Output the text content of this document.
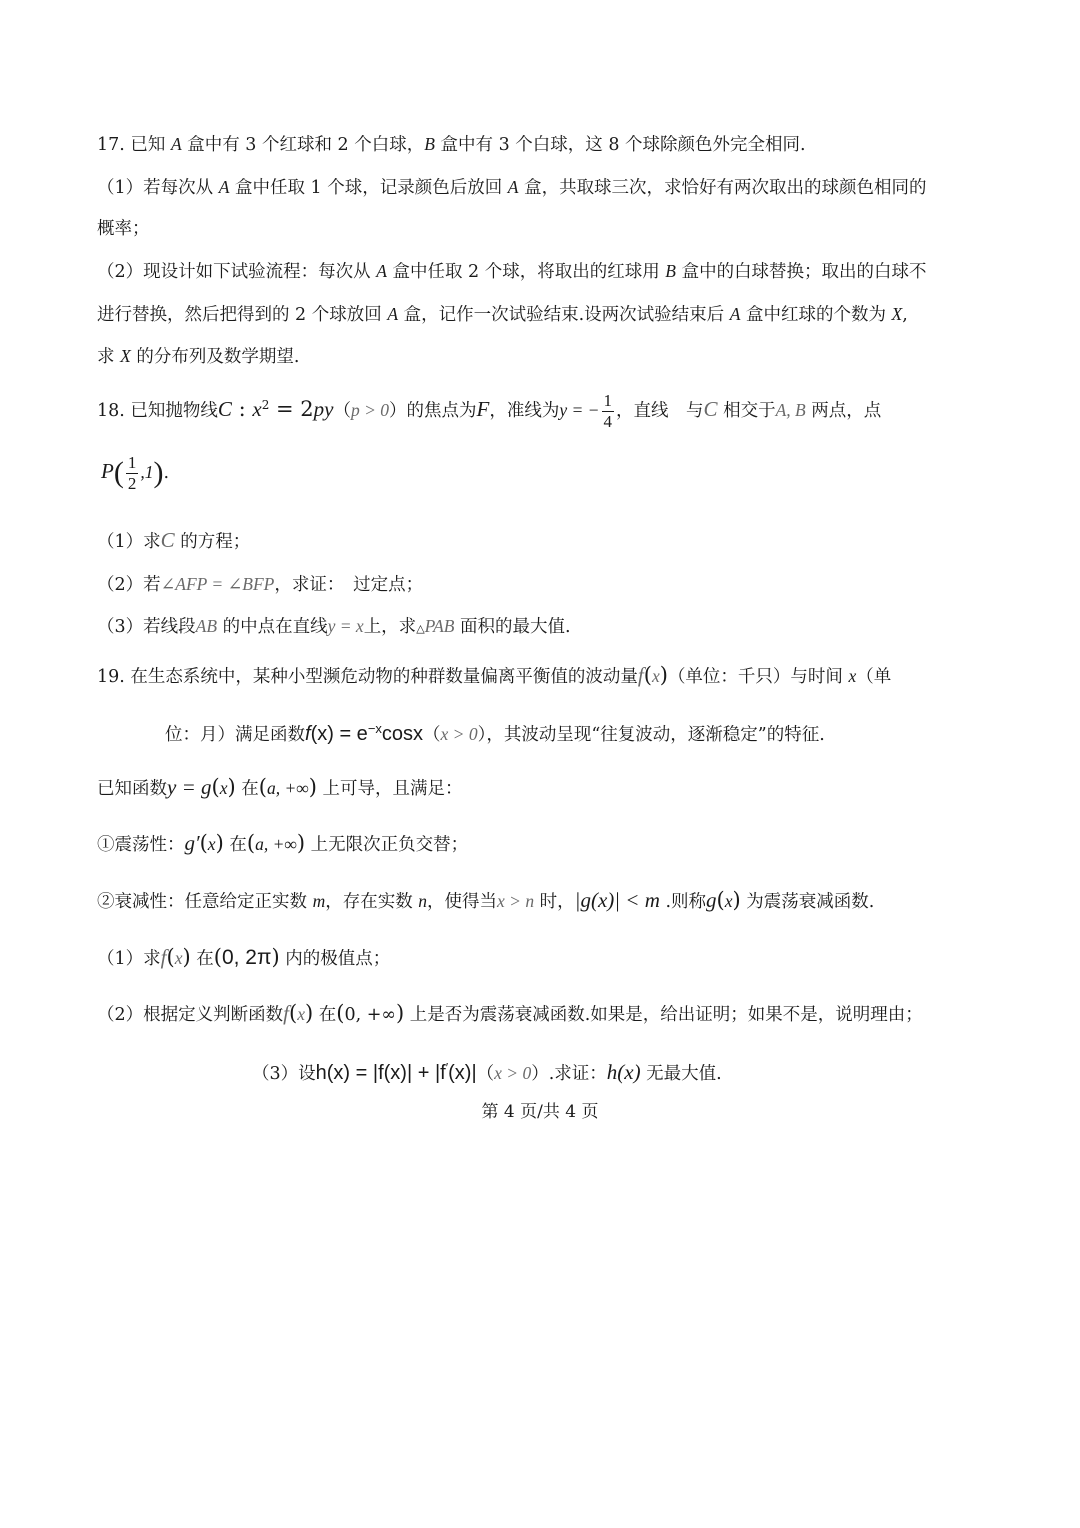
17. 已知 A 盒中有 3 个红球和 2 个白球，B 盒中有 3 个白球，这 8 个球除颜色外完全相同.
（1）若每次从 A 盒中任取 1 个球，记录颜色后放回 A 盒，共取球三次，求恰好有两次取出的球颜色相同的
概率；
（2）现设计如下试验流程：每次从 A 盒中任取 2 个球，将取出的红球用 B 盒中的白球替换；取出的白球不
进行替换，然后把得到的 2 个球放回 A 盒，记作一次试验结束.设两次试验结束后 A 盒中红球的个数为 X,
求 X 的分布列及数学期望.
18. 已知抛物线C : $x^2 = 2py(p > 0)$的焦点为F，准线为y = − $\frac{1}{4}$ ，直线　与C 相交于A, B 两点，点
$P( \frac{1}{2} ,1)$.
（1）求C 的方程；
（2）若∠AFP = ∠BFP，求证：　过定点；
（3）若线段AB 的中点在直线y = x上，求△PAB 面积的最大值.
19. 在生态系统中，某种小型濒危动物的种群数量偏离平衡值的波动量f(x)（单位：千只）与时间 x（单
位：月）满足函数$f(x) = e^{-x}\cos x(x > 0)$，其波动呈现“往复波动，逐渐稳定”的特征.
已知函数y = g(x) 在(a, +∞) 上可导，且满足：
①震荡性：g′(x) 在(a, +∞) 上无限次正负交替；
②衰减性：任意给定正实数 m，存在实数 n，使得当x > n 时，|g(x)| < m .则称g(x) 为震荡衰减函数.
（1）求f(x) 在(0, 2π) 内的极值点；
（2）根据定义判断函数f(x) 在(0, +∞) 上是否为震荡衰减函数.如果是，给出证明；如果不是，说明理由；
（3）设h(x) = |f(x)| + |f′(x)|（x > 0）.求证：h(x) 无最大值.
第 4 页/共 4 页
